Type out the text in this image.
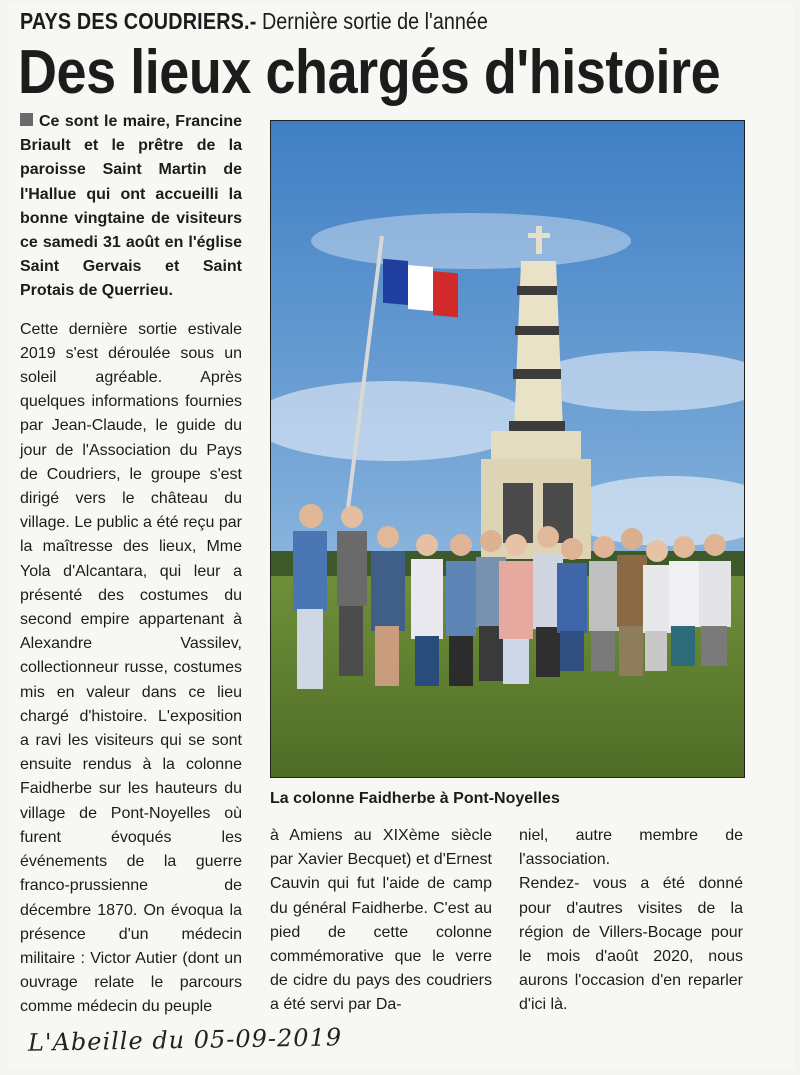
PAYS DES COUDRIERS.- Dernière sortie de l'année
Des lieux chargés d'histoire

Ce sont le maire, Francine Briault et le prêtre de la paroisse Saint Martin de l'Hallue qui ont accueilli la bonne vingtaine de visiteurs ce samedi 31 août en l'église Saint Gervais et Saint Protais de Querrieu.

Cette dernière sortie estivale 2019 s'est déroulée sous un soleil agréable. Après quelques informations fournies par Jean-Claude, le guide du jour de l'Association du Pays de Coudriers, le groupe s'est dirigé vers le château du village. Le public a été reçu par la maîtresse des lieux, Mme Yola d'Alcantara, qui leur a présenté des costumes du second empire appartenant à Alexandre Vassilev, collectionneur russe, costumes mis en valeur dans ce lieu chargé d'histoire. L'exposition a ravi les visiteurs qui se sont ensuite rendus à la colonne Faidherbe sur les hauteurs du village de Pont-Noyelles où furent évoqués les événements de la guerre franco-prussienne de décembre 1870. On évoqua la présence d'un médecin militaire : Victor Autier (dont un ouvrage relate le parcours comme médecin du peuple

La colonne Faidherbe à Pont-Noyelles

à Amiens au XIXème siècle par Xavier Becquet) et d'Ernest Cauvin qui fut l'aide de camp du général Faidherbe. C'est au pied de cette colonne commémorative que le verre de cidre du pays des coudriers a été servi par Da-

niel, autre membre de l'association.

Rendez- vous a été donné pour d'autres visites de la région de Villers-Bocage pour le mois d'août 2020, nous aurons l'occasion d'en reparler d'ici là.

L'Abeille du 05-09-2019
